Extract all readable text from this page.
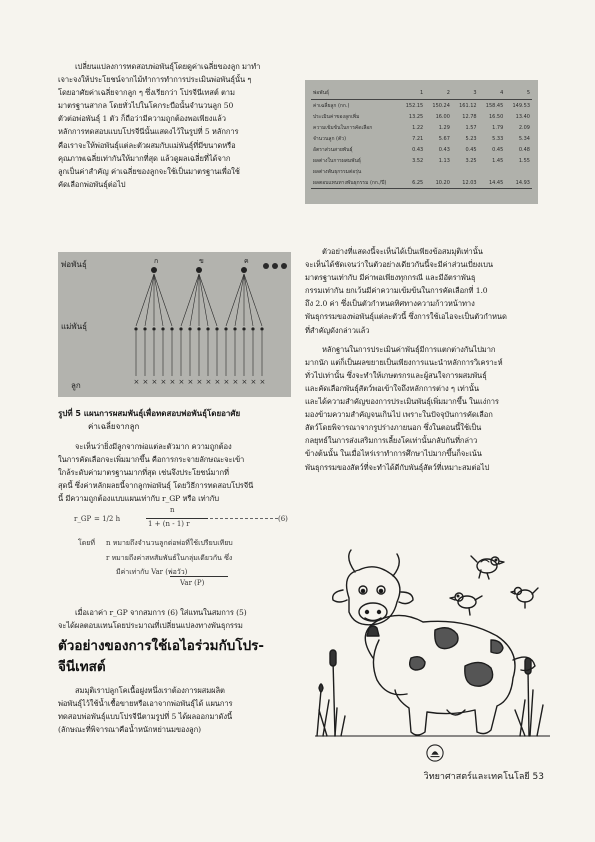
เปลี่ยนแปลงการทดสอบพ่อพันธุ์โดยดูค่าเฉลี่ยของลูก มาทำ

เจาะจงให้ประโยชน์จากไม้ทำการทำการประเมินพ่อพันธุ์นั้น ๆ

โดยอาศัยค่าเฉลี่ยจากลูก ๆ ซึ่งเรียกว่า โปรจีนีเทสต์ ตาม

มาตรฐานสากล โดยทั่วไปในโคกระบือนั้นจำนวนลูก 50

ตัวต่อพ่อพันธุ์ 1 ตัว ก็ถือว่ามีความถูกต้องพอเพียงแล้ว

หลักการทดสอบแบบโปรจีนีนั้นแสดงไว้ในรูปที่ 5 หลักการ

คือเราจะให้พ่อพันธุ์แต่ละตัวผสมกับแม่พันธุ์ที่มีขนาดหรือ

คุณภาพเฉลี่ยเท่ากันให้มากที่สุด แล้วดูผลเฉลี่ยที่ได้จาก

ลูกเป็นค่าสำคัญ ค่าเฉลี่ยของลูกจะใช้เป็นมาตรฐานเพื่อใช้

คัดเลือกพ่อพันธุ์ต่อไป

พ่อพันธุ์	1	2	3	4	5
ค่าเฉลี่ยลูก (กก.)	152.15	150.24	161.12	158.45	149.53
ประเมินค่าของลูกเพิ่ม	13.25	16.00	12.78	16.50	13.40
ความเข้มข้นในการคัดเลือก	1.22	1.29	1.57	1.79	2.09
จำนวนลูก (ตัว)	7.21	5.67	5.23	5.33	5.34
อัตราส่วนสายพันธุ์	0.43	0.43	0.45	0.45	0.48
ผลต่างในการผสมพันธุ์	3.52	1.13	3.25	1.45	1.55
ผลต่างพันธุกรรมต่อรุ่น					
ผลตอบแทนทางพันธุกรรม (กก./ปี)	6.25	10.20	12.03	14.45	14.93
× × × × × × × × × × × × × × ×
พ่อพันธุ์
แม่พันธุ์
ลูก
ก	ข	ค
รูปที่ 5 แผนการผสมพันธุ์เพื่อทดสอบพ่อพันธุ์โดยอาศัย
ค่าเฉลี่ยจากลูก

จะเห็นว่ายิ่งมีลูกจากพ่อแต่ละตัวมาก ความถูกต้อง

ในการคัดเลือกจะเพิ่มมากขึ้น คือการกระจายลักษณะจะเข้า

ใกล้ระดับค่ามาตรฐานมากที่สุด เช่นจึงประโยชน์มากที่

สุดนี้ ซึ่งค่าหลักผลยนี้จากลูกพ่อพันธุ์ โดยวิธีการทดสอบโปรจีนี

นี้ มีความถูกต้องแบบแผนเท่ากับ r_GP หรือ เท่ากับ

r_GP = 1/2 h
n
1 + (n - 1) r
(6)
โดยที่ n หมายถึงจำนวนลูกต่อพ่อที่ใช้เปรียบเทียบ
r หมายถึงค่าสหสัมพันธ์ในกลุ่มเดียวกัน ซึ่ง
มีค่าเท่ากับ Var (พ่อวัว)
Var (P)

เมื่อเอาค่า r_GP จากสมการ (6) ใส่แทนในสมการ (5)

จะได้ผลตอบแทนโดยประมาณที่เปลี่ยนแปลงทางพันธุกรรม

ตัวอย่างของการใช้เอไอร่วมกับโปร-
จีนีเทสต์

สมมุติเราปลูกโคเนื้อฝูงหนึ่งเราต้องการผสมผลิต

พ่อพันธุ์ไว้ใช้น้ำเชื้อขายหรือเอาจากพ่อพันธุ์ได้ แผนการ

ทดสอบพ่อพันธุ์แบบโปรจีนีตามรูปที่ 5 ได้ผลออกมาดังนี้

(ลักษณะที่พิจารณาคือน้ำหนักหย่านมของลูก)

ตัวอย่างที่แสดงนี้จะเห็นได้เป็นเพียงข้อสมมุติเท่านั้น

จะเห็นได้ชัดเจนว่าในตัวอย่างเดียวกันนี้จะมีค่าส่วนเบี่ยงเบน

มาตรฐานเท่ากับ มีค่าพอเพียงทุกกรณี และมีอัตราพันธุ

กรรมเท่ากัน ยกเว้นมีค่าความเข้มข้นในการคัดเลือกที่ 1.0

ถึง 2.0 ค่า ซึ่งเป็นตัวกำหนดทิศทางความก้าวหน้าทาง

พันธุกรรมของพ่อพันธุ์แต่ละตัวนี้ ซึ่งการใช้เอไอจะเป็นตัวกำหนด

ที่สำคัญดังกล่าวแล้ว

หลักฐานในการประเมินค่าพันธุ์มีการแตกต่างกันไปมาก

มากนัก แต่ก็เป็นผลขยายเป็นเพียงการแนะนำหลักการวิเคราะห์

ทั่วไปเท่านั้น ซึ่งจะทำให้เกษตรกรและผู้สนใจการผสมพันธุ์

และคัดเลือกพันธุ์สัตว์พอเข้าใจถึงหลักการต่าง ๆ เท่านั้น

และได้ความสำคัญของการประเมินพันธุ์เพิ่มมากขึ้น ในแง่การ

มองข้ามความสำคัญจนเกินไป เพราะในปัจจุบันการคัดเลือก

สัตว์โดยพิจารณาจากรูปร่างภายนอก ซึ่งในตอนนี้ใช้เป็น

กลยุทธ์ในการส่งเสริมการเลี้ยงโคเท่านั้นกลับกันที่กล่าว

ข้างต้นนั้น ในเมื่อไหร่เราทำการศึกษาไปมากขึ้นก็จะเน้น

พันธุกรรมของสัตว์ที่จะทำได้ดีกับพันธุ์สัตว์ที่เหมาะสมต่อไป

วิทยาศาสตร์และเทคโนโลยี 53
